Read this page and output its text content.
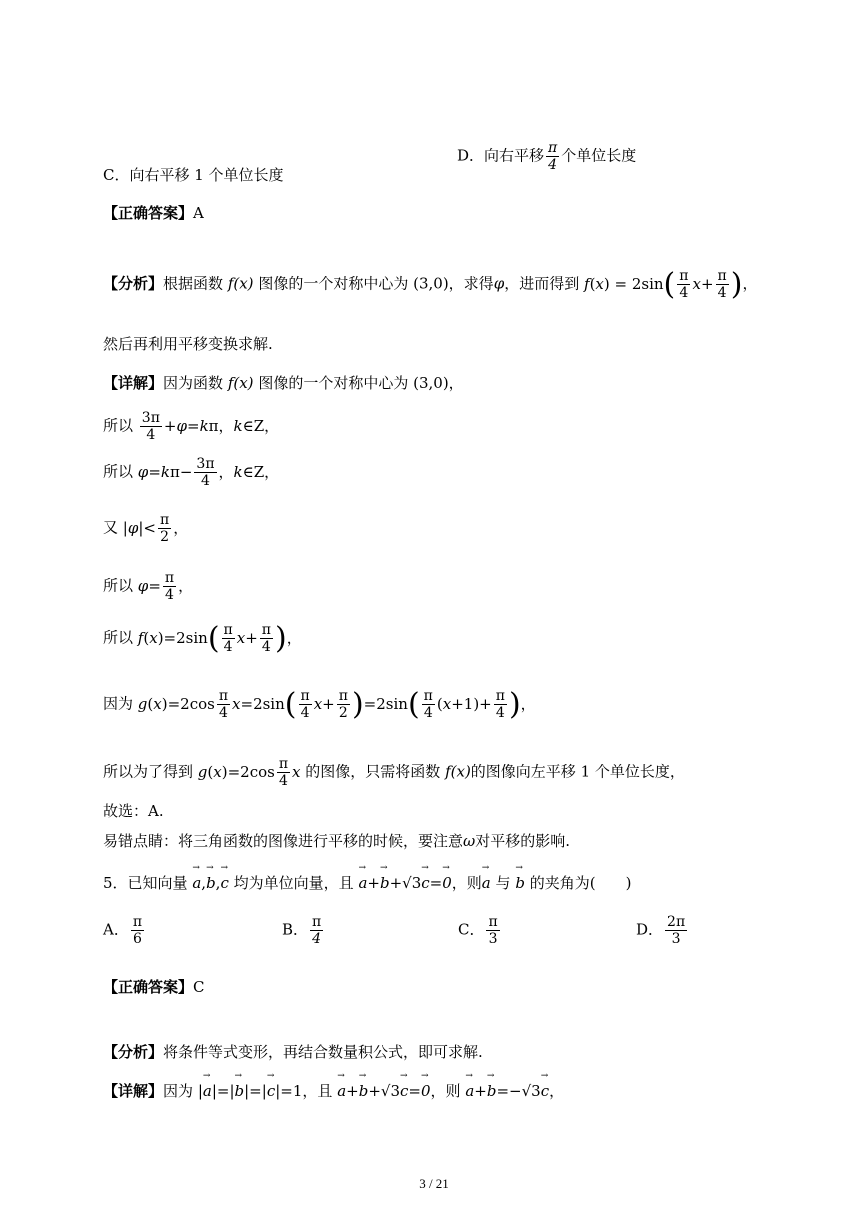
C．向右平移 1 个单位长度
D．向右平移 $\frac{\pi}{4}$ 个单位长度
【正确答案】A
【分析】根据函数 f(x) 图像的一个对称中心为 (3,0)，求得φ，进而得到 $f(x) = 2\sin( \frac{\pi}{4} x+ \frac{\pi}{4}$ )，
然后再利用平移变换求解.
【详解】因为函数 f(x) 图像的一个对称中心为 (3,0)，
所以 $\frac{3\pi}{4} +\varphi=k\pi$，k∈Z，
所以 $\varphi=k\pi- \frac{3\pi}{4}$ ，k∈Z，
又 $|\varphi|< \frac{\pi}{2}$ ，
所以 $\varphi= \frac{\pi}{4}$ ，
所以 $f(x)=2\sin( \frac{\pi}{4} x+ \frac{\pi}{4}$ )，
因为 $g(x)=2\cos \frac{\pi}{4} x=2\sin( \frac{\pi}{4} x+ \frac{\pi}{2} )=2\sin( \frac{\pi}{4} (x+1)+ \frac{\pi}{4}$ )，
所以为了得到 $g(x)=2\cos \frac{\pi}{4}$ x 的图像，只需将函数 f(x)的图像向左平移 1 个单位长度，
故选：A.
易错点睛：将三角函数的图像进行平移的时候，要注意ω对平移的影响.
5．已知向量 → a,→ b,→ c 均为单位向量，且 → a+→ b+√3→ c=→ 0，则→ a 与 → b 的夹角为(　　)
A． $\frac{\pi}{6}$	B． $\frac{\pi}{4}$	C． $\frac{\pi}{3}$	D． $\frac{2\pi}{3}$
【正确答案】C
【分析】将条件等式变形，再结合数量积公式，即可求解.
【详解】因为 |→ a|=|→ b|=|→ c|=1，且 → a+→ b+√3→ c=→ 0，则 → a+→ b=−√3→ c，
3 / 21
